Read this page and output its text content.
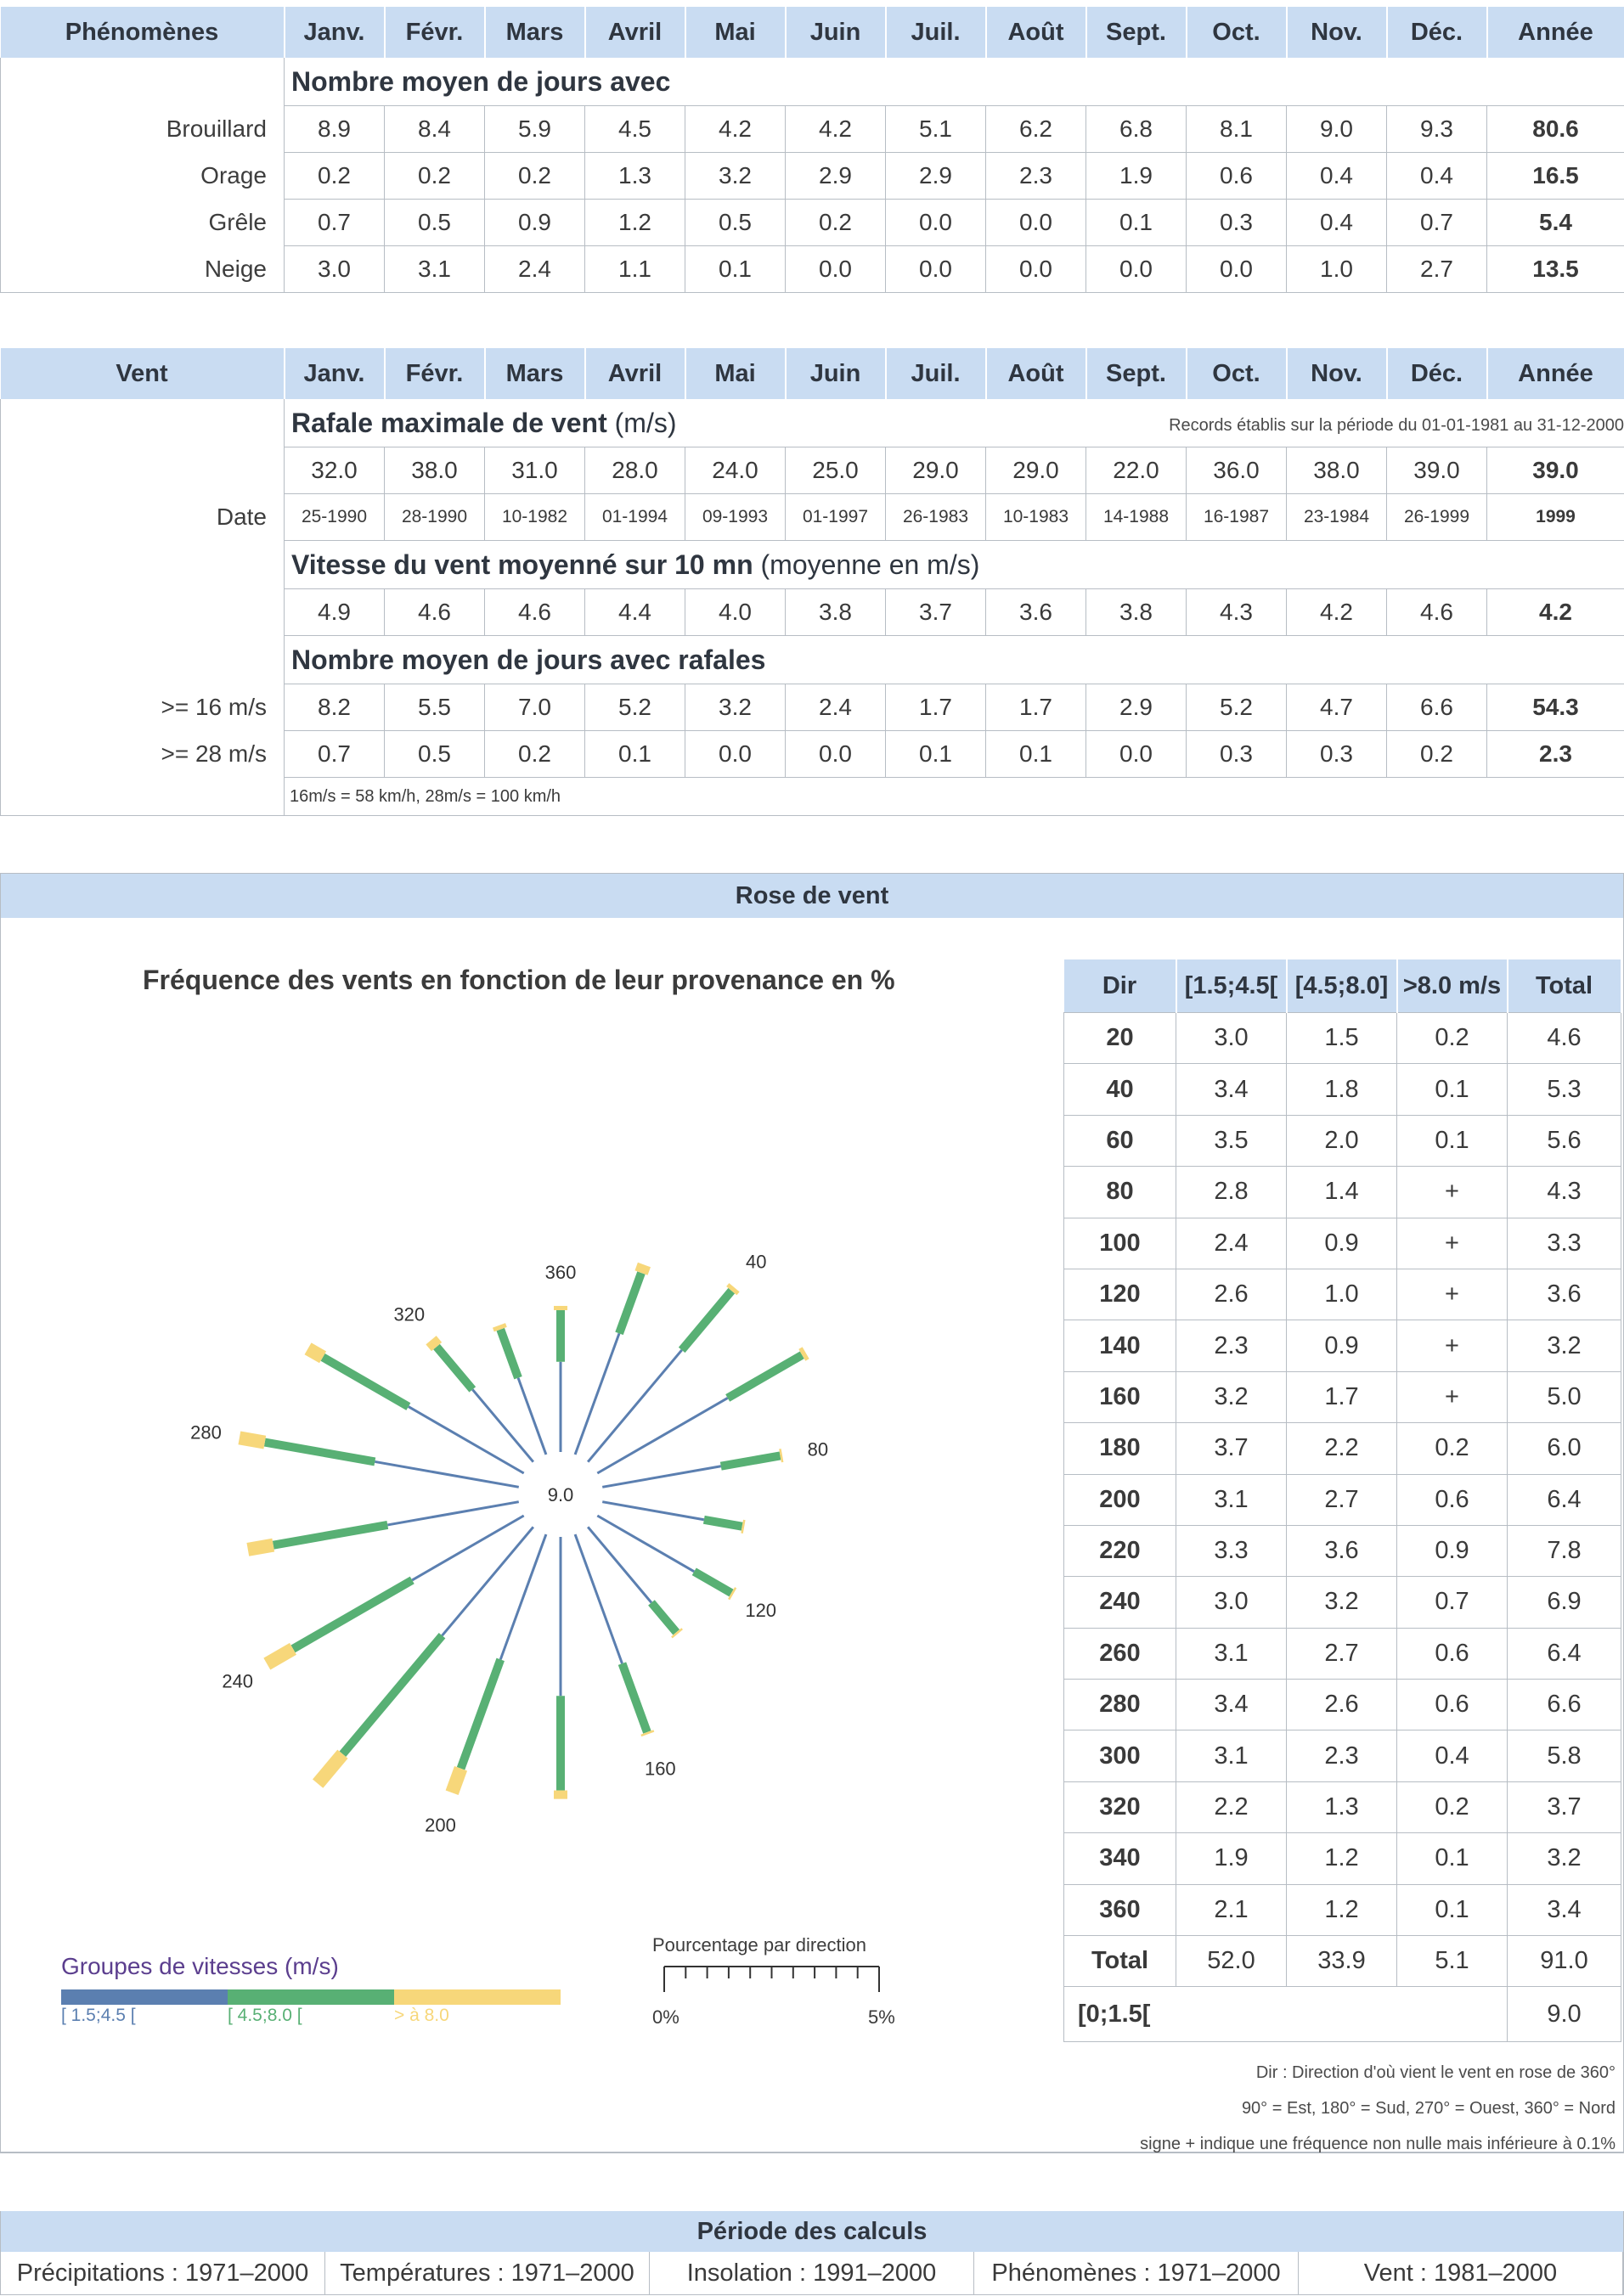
Phénomènes	Janv.	Févr.	Mars	Avril	Mai	Juin	Juil.	Août	Sept.	Oct.	Nov.	Déc.	Année
	Nombre moyen de jours avec												
Brouillard	8.9	8.4	5.9	4.5	4.2	4.2	5.1	6.2	6.8	8.1	9.0	9.3	80.6
Orage	0.2	0.2	0.2	1.3	3.2	2.9	2.9	2.3	1.9	0.6	0.4	0.4	16.5
Grêle	0.7	0.5	0.9	1.2	0.5	0.2	0.0	0.0	0.1	0.3	0.4	0.7	5.4
Neige	3.0	3.1	2.4	1.1	0.1	0.0	0.0	0.0	0.0	0.0	1.0	2.7	13.5
Vent	Janv.	Févr.	Mars	Avril	Mai	Juin	Juil.	Août	Sept.	Oct.	Nov.	Déc.	Année
	Rafale maximale de vent (m/s) Records établis sur la période du 01-01-1981 au 31-12-2000												

	32.0	38.0	31.0	28.0	24.0	25.0	29.0	29.0	22.0	36.0	38.0	39.0	39.0
Date	25-1990	28-1990	10-1982	01-1994	09-1993	01-1997	26-1983	10-1983	14-1988	16-1987	23-1984	26-1999	1999
	Vitesse du vent moyenné sur 10 mn (moyenne en m/s)												
	4.9	4.6	4.6	4.4	4.0	3.8	3.7	3.6	3.8	4.3	4.2	4.6	4.2
	Nombre moyen de jours avec rafales												
>= 16 m/s	8.2	5.5	7.0	5.2	3.2	2.4	1.7	1.7	2.9	5.2	4.7	6.6	54.3
>= 28 m/s	0.7	0.5	0.2	0.1	0.0	0.0	0.1	0.1	0.0	0.3	0.3	0.2	2.3
	16m/s = 58 km/h, 28m/s = 100 km/h												
Rose de vent
Fréquence des vents en fonction de leur provenance en %
9.0
360	40
80
120
160
200
240
280
320
Groupes de vitesses (m/s)
[ 1.5;4.5 [	[ 4.5;8.0 [	> à 8.0
Pourcentage par direction
0%	5%
Dir	[1.5;4.5[	[4.5;8.0]	>8.0 m/s	Total
20	3.0	1.5	0.2	4.6
40	3.4	1.8	0.1	5.3
60	3.5	2.0	0.1	5.6
80	2.8	1.4	+	4.3
100	2.4	0.9	+	3.3
120	2.6	1.0	+	3.6
140	2.3	0.9	+	3.2
160	3.2	1.7	+	5.0
180	3.7	2.2	0.2	6.0
200	3.1	2.7	0.6	6.4
220	3.3	3.6	0.9	7.8
240	3.0	3.2	0.7	6.9
260	3.1	2.7	0.6	6.4
280	3.4	2.6	0.6	6.6
300	3.1	2.3	0.4	5.8
320	2.2	1.3	0.2	3.7
340	1.9	1.2	0.1	3.2
360	2.1	1.2	0.1	3.4
Total	52.0	33.9	5.1	91.0
[0;1.5[				9.0
Dir : Direction d'où vient le vent en rose de 360°
90° = Est, 180° = Sud, 270° = Ouest, 360° = Nord
signe + indique une fréquence non nulle mais inférieure à 0.1%
Période des calculs
Précipitations : 1971–2000	Températures : 1971–2000	Insolation : 1991–2000	Phénomènes : 1971–2000	Vent : 1981–2000
